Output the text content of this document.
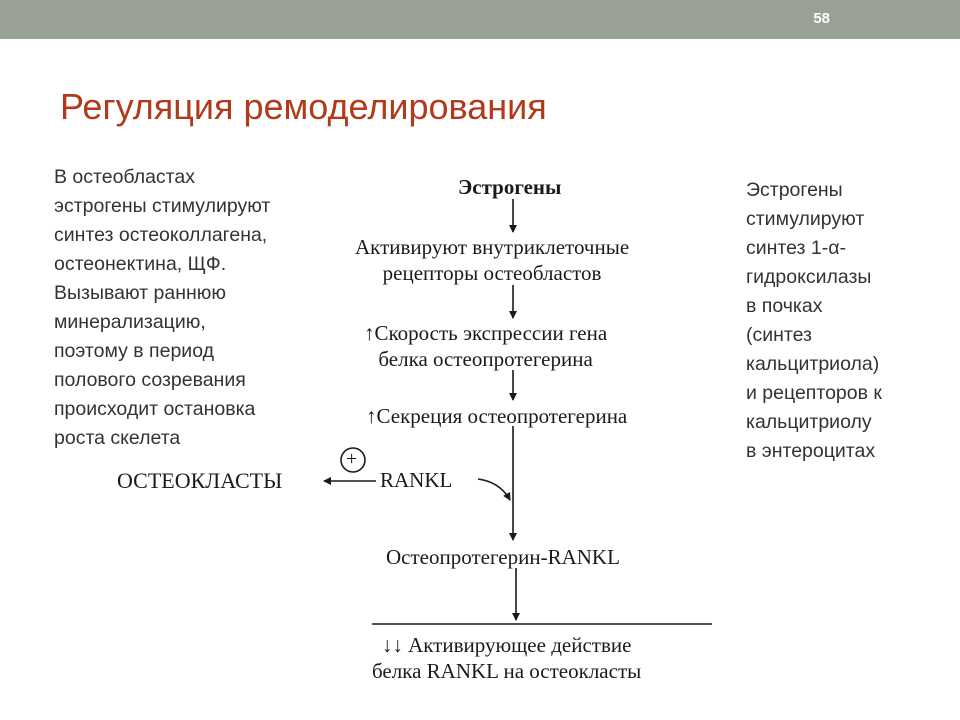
58
Регуляция ремоделирования
В остеобластах
эстрогены стимулируют
синтез остеоколлагена,
остеонектина, ЩФ.
Вызывают раннюю
минерализацию,
поэтому в период
полового созревания
происходит остановка
роста скелета
Эстрогены
стимулируют
синтез 1-α-
гидроксилазы
в почках
(синтез
кальцитриола)
и рецепторов к
кальцитриолу
в энтероцитах
Эстрогены
Активируют внутриклеточные
рецепторы остеобластов
↑Скорость экспрессии гена
белка остеопротегерина
↑Секреция остеопротегерина
ОСТЕОКЛАСТЫ
+
RANKL
Остеопротегерин-RANKL
↓↓ Активирующее действие
белка RANKL на остеокласты
